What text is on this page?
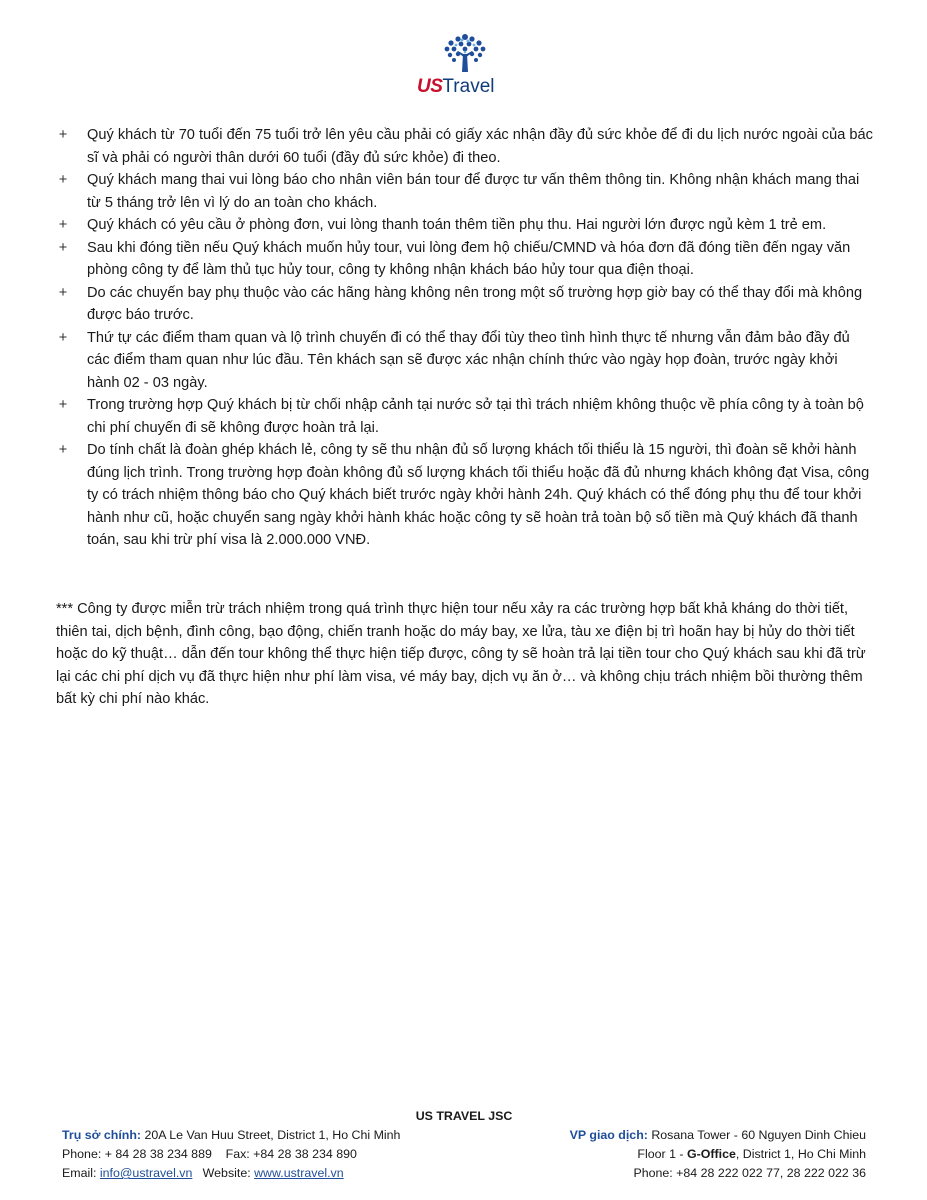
USTravel
+ Quý khách từ 70 tuổi đến 75 tuổi trở lên yêu cầu phải có giấy xác nhận đầy đủ sức khỏe để đi du lịch nước ngoài của bác sĩ và phải có người thân dưới 60 tuổi (đầy đủ sức khỏe) đi theo.
+ Quý khách mang thai vui lòng báo cho nhân viên bán tour để được tư vấn thêm thông tin. Không nhận khách mang thai từ 5 tháng trở lên vì lý do an toàn cho khách.
+ Quý khách có yêu cầu ở phòng đơn, vui lòng thanh toán thêm tiền phụ thu. Hai người lớn được ngủ kèm 1 trẻ em.
+ Sau khi đóng tiền nếu Quý khách muốn hủy tour, vui lòng đem hộ chiếu/CMND và hóa đơn đã đóng tiền đến ngay văn phòng công ty để làm thủ tục hủy tour, công ty không nhận khách báo hủy tour qua điện thoại.
+ Do các chuyến bay phụ thuộc vào các hãng hàng không nên trong một số trường hợp giờ bay có thể thay đổi mà không được báo trước.
+ Thứ tự các điểm tham quan và lộ trình chuyến đi có thể thay đổi tùy theo tình hình thực tế nhưng vẫn đảm bảo đầy đủ các điểm tham quan như lúc đầu. Tên khách sạn sẽ được xác nhận chính thức vào ngày họp đoàn, trước ngày khởi hành 02 - 03 ngày.
+ Trong trường hợp Quý khách bị từ chối nhập cảnh tại nước sở tại thì trách nhiệm không thuộc về phía công ty à toàn bộ chi phí chuyến đi sẽ không được hoàn trả lại.
+ Do tính chất là đoàn ghép khách lẻ, công ty sẽ thu nhận đủ số lượng khách tối thiểu là 15 người, thì đoàn sẽ khởi hành đúng lịch trình. Trong trường hợp đoàn không đủ số lượng khách tối thiểu hoặc đã đủ nhưng khách không đạt Visa, công ty có trách nhiệm thông báo cho Quý khách biết trước ngày khởi hành 24h. Quý khách có thể đóng phụ thu để tour khởi hành như cũ, hoặc chuyển sang ngày khởi hành khác hoặc công ty sẽ hoàn trả toàn bộ số tiền mà Quý khách đã thanh toán, sau khi trừ phí visa là 2.000.000 VNĐ.

*** Công ty được miễn trừ trách nhiệm trong quá trình thực hiện tour nếu xảy ra các trường hợp bất khả kháng do thời tiết, thiên tai, dịch bệnh, đình công, bạo động, chiến tranh hoặc do máy bay, xe lửa, tàu xe điện bị trì hoãn hay bị hủy do thời tiết hoặc do kỹ thuật… dẫn đến tour không thể thực hiện tiếp được, công ty sẽ hoàn trả lại tiền tour cho Quý khách sau khi đã trừ lại các chi phí dịch vụ đã thực hiện như phí làm visa, vé máy bay, dịch vụ ăn ở… và không chịu trách nhiệm bồi thường thêm bất kỳ chi phí nào khác.

US TRAVEL JSC
Trụ sở chính: 20A Le Van Huu Street, District 1, Ho Chi Minh
Phone: + 84 28 38 234 889    Fax: +84 28 38 234 890
Email: info@ustravel.vn   Website: www.ustravel.vn
VP giao dịch: Rosana Tower - 60 Nguyen Dinh Chieu
Floor 1 - G-Office, District 1, Ho Chi Minh
Phone: +84 28 222 022 77, 28 222 022 36
